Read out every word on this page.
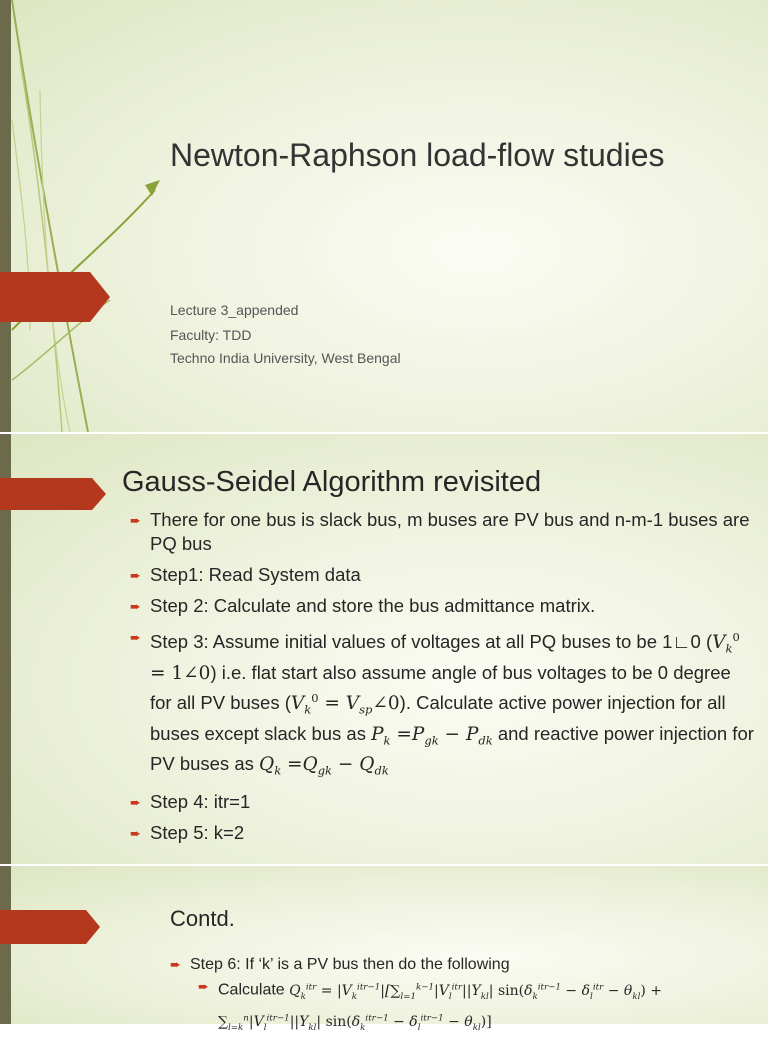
Newton-Raphson load-flow studies
Lecture 3_appended
Faculty: TDD
Techno India University, West Bengal
Gauss-Seidel Algorithm revisited
➨ There for one bus is slack bus, m buses are PV bus and n-m-1 buses are PQ bus
➨ Step1: Read System data
➨ Step 2: Calculate and store the bus admittance matrix.
➨ Step 3: Assume initial values of voltages at all PQ buses to be 1∟0 ($V_k^0$ = 1∠0) i.e. flat start also assume angle of bus voltages to be 0 degree for all PV buses ($V_k^0$ = $V_{sp}\angle 0$). Calculate active power injection for all buses except slack bus as $P_k =P_{gk} - P_{dk}$ and reactive power injection for PV buses as $Q_k =Q_{gk} - Q_{dk}$
➨ Step 4: itr=1
➨ Step 5: k=2
Contd.
➨ Step 6: If ‘k’ is a PV bus then do the following
➨ Calculate $Q_k^{itr} = |V_k^{itr-1}|[\sum_{l=1}^{k-1}|V_l^{itr}||Y_{kl}|$ $\sin(\delta_k^{itr-1} - \delta_l^{itr} - \theta_{kl}) + \sum_{l=k}^n|V_l^{itr-1}||Y_{kl}|$ $\sin(\delta_k^{itr-1} - \delta_l^{itr-1} - \theta_{kl})$]
